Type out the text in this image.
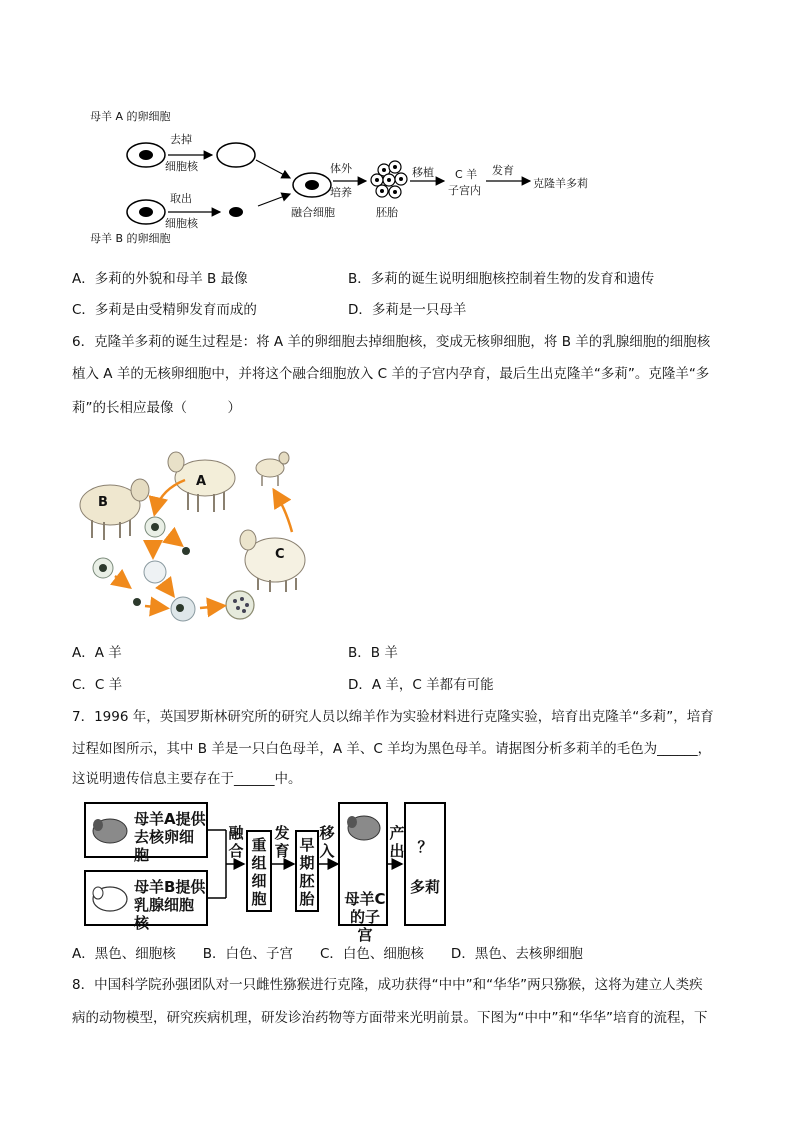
母羊 A 的卵细胞
母羊 B 的卵细胞
去掉
细胞核
取出
细胞核
体外
培养
融合细胞	胚胎
移植 C 羊
子宫内
发育
克隆羊多莉
A．多莉的外貌和母羊 B 最像	B．多莉的诞生说明细胞核控制着生物的发育和遗传
C．多莉是由受精卵发育而成的	D．多莉是一只母羊
6．克隆羊多莉的诞生过程是：将 A 羊的卵细胞去掉细胞核，变成无核卵细胞，将 B 羊的乳腺细胞的细胞核
植入 A 羊的无核卵细胞中，并将这个融合细胞放入 C 羊的子宫内孕育，最后生出克隆羊“多莉”。克隆羊“多
莉”的长相应最像（　　　）
B
A
C
A．A 羊	B．B 羊
C．C 羊	D．A 羊，C 羊都有可能
7．1996 年，英国罗斯林研究所的研究人员以绵羊作为实验材料进行克隆实验，培育出克隆羊“多莉”，培育
过程如图所示，其中 B 羊是一只白色母羊，A 羊、C 羊均为黑色母羊。请据图分析多莉羊的毛色为______，
这说明遗传信息主要存在于______中。
母羊A提供去核卵细胞
母羊B提供乳腺细胞核
融合 重组细胞
发育 早期胚胎
移入
母羊C的子宫
产出 ？
多莉
A．黑色、细胞核　　B．白色、子宫　　C．白色、细胞核　　D．黑色、去核卵细胞
8．中国科学院孙强团队对一只雌性猕猴进行克隆，成功获得“中中”和“华华”两只猕猴，这将为建立人类疾
病的动物模型，研究疾病机理，研发诊治药物等方面带来光明前景。下图为“中中”和“华华”培育的流程，下
